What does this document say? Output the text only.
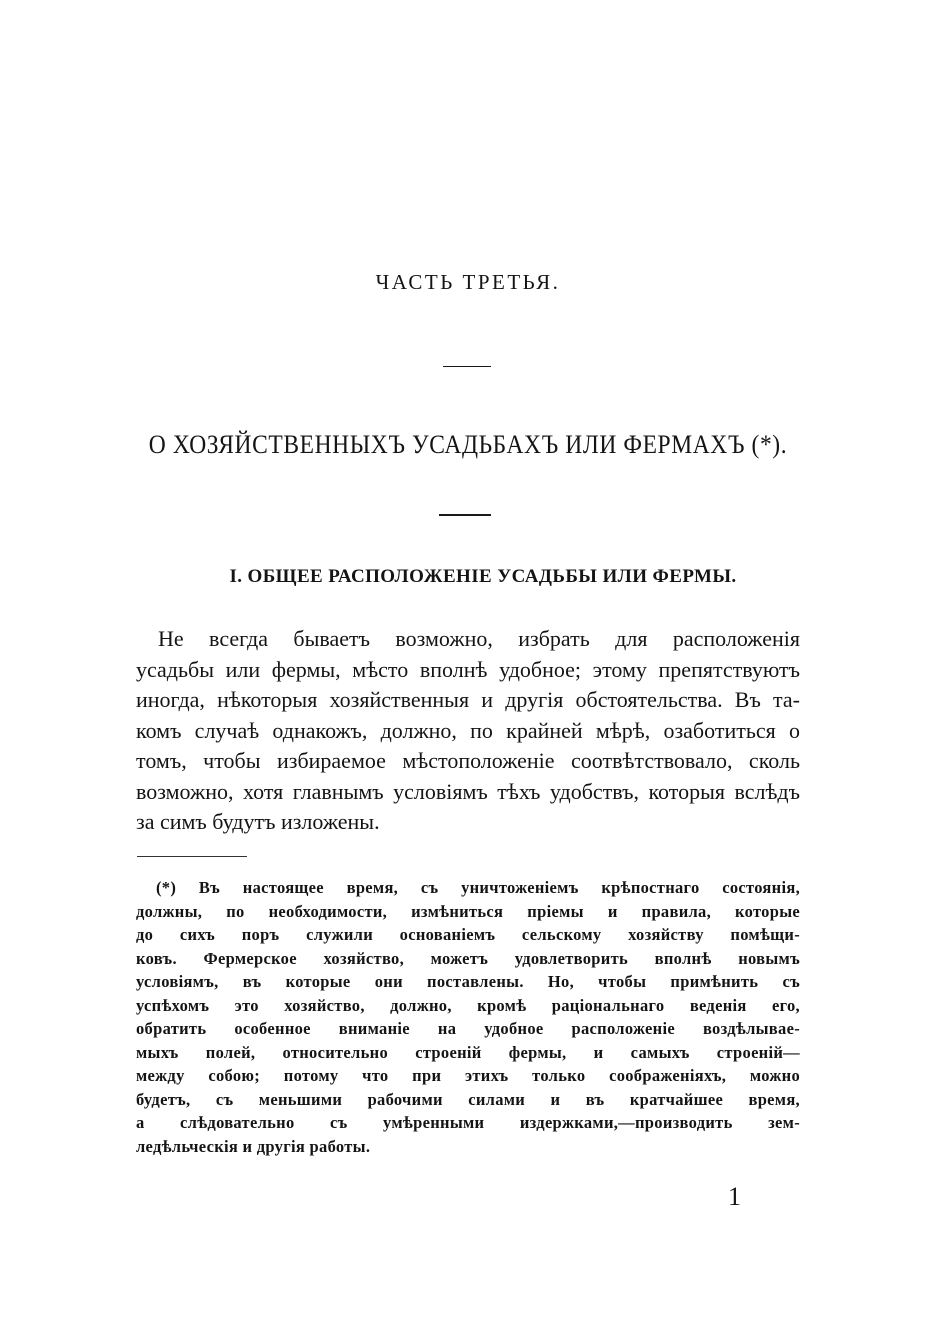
ЧАСТЬ ТРЕТЬЯ.
О ХОЗЯЙСТВЕННЫХЪ УСАДЬБАХЪ ИЛИ ФЕРМАХЪ (*).
I. ОБЩЕЕ РАСПОЛОЖЕНІЕ УСАДЬБЫ ИЛИ ФЕРМЫ.

Не всегда бываетъ возможно, избрать для расположенія
усадьбы или фермы, мѣсто вполнѣ удобное; этому препятствуютъ
иногда, нѣкоторыя хозяйственныя и другія обстоятельства. Въ та-
комъ случаѣ однакожъ, должно, по крайней мѣрѣ, озаботиться о
томъ, чтобы избираемое мѣстоположеніе соотвѣтствовало, сколь
возможно, хотя главнымъ условіямъ тѣхъ удобствъ, которыя вслѣдъ
за симъ будутъ изложены.

(*) Въ настоящее время, съ уничтоженіемъ крѣпостнаго состоянія,
должны, по необходимости, измѣниться пріемы и правила, которые
до сихъ поръ служили основаніемъ сельскому хозяйству помѣщи-
ковъ. Фермерское хозяйство, можетъ удовлетворить вполнѣ новымъ
условіямъ, въ которые они поставлены. Но, чтобы примѣнить съ
успѣхомъ это хозяйство, должно, кромѣ раціональнаго веденія его,
обратить особенное вниманіе на удобное расположеніе воздѣлывае-
мыхъ полей, относительно строеній фермы, и самыхъ строеній—
между собою; потому что при этихъ только соображеніяхъ, можно
будетъ, съ меньшими рабочими силами и въ кратчайшее время,
а слѣдовательно съ умѣренными издержками,—производить зем-
ледѣльческія и другія работы.

1
